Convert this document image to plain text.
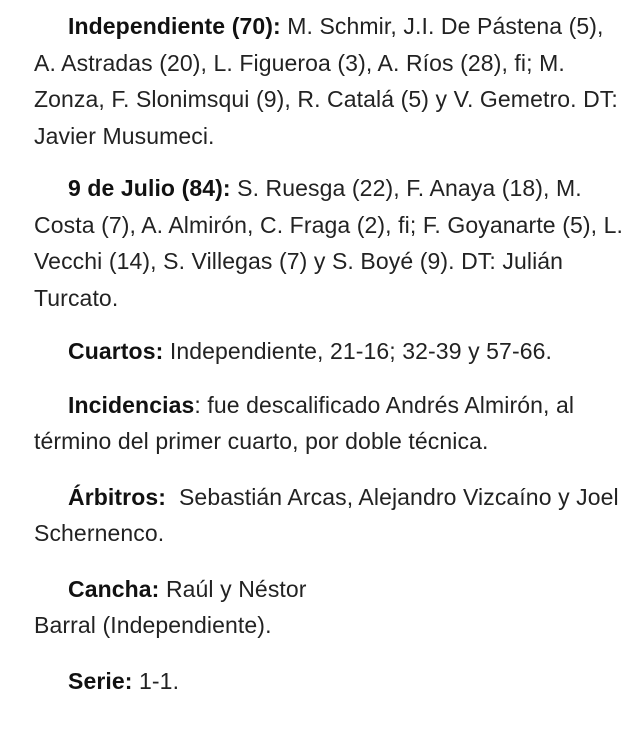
Independiente (70): M. Schmir, J.I. De Pástena (5), A. Astradas (20), L. Figueroa (3), A. Ríos (28), fi; M. Zonza, F. Slonimsqui (9), R. Catalá (5) y V. Gemetro. DT: Javier Musumeci.

9 de Julio (84): S. Ruesga (22), F. Anaya (18), M. Costa (7), A. Almirón, C. Fraga (2), fi; F. Goyanarte (5), L. Vecchi (14), S. Villegas (7) y S. Boyé (9). DT: Julián Turcato.

Cuartos: Independiente, 21-16; 32-39 y 57-66.

Incidencias: fue descalificado Andrés Almirón, al término del primer cuarto, por doble técnica.

Árbitros:  Sebastián Arcas, Alejandro Vizcaíno y Joel Schernenco.

Cancha: Raúl y Néstor
Barral (Independiente).

Serie: 1-1.
